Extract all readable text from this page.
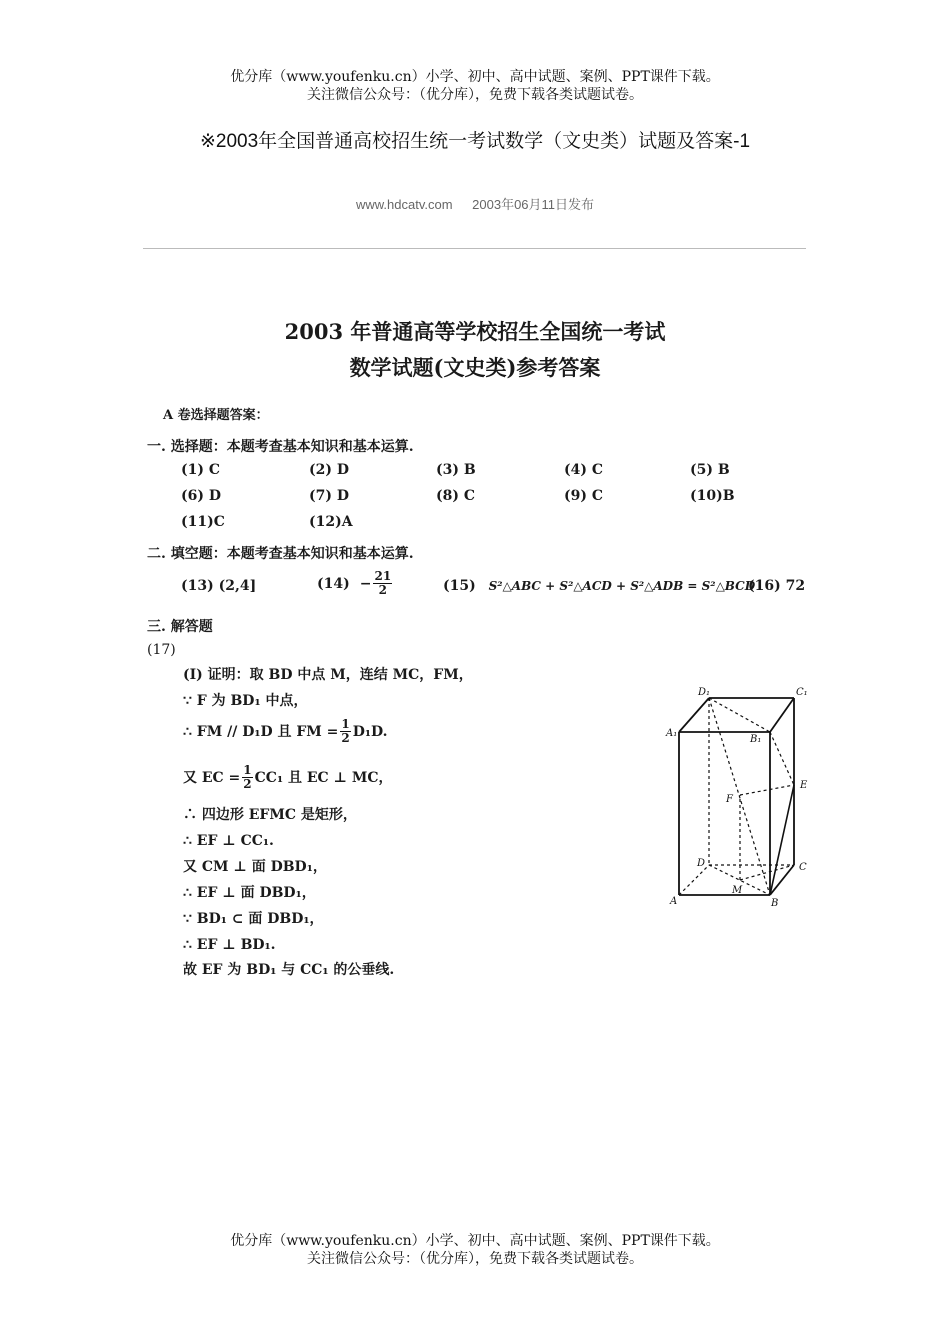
优分库（www.youfenku.cn）小学、初中、高中试题、案例、PPT课件下载。
关注微信公众号：（优分库），免费下载各类试题试卷。
※2003年全国普通高校招生统一考试数学（文史类）试题及答案-1
www.hdcatv.com 2003年06月11日发布
2003 年普通高等学校招生全国统一考试
数学试题(文史类)参考答案
A 卷选择题答案：
一. 选择题：本题考查基本知识和基本运算.
(1) C	(2) D	(3) B	(4) C	(5) B
(6) D	(7) D	(8) C	(9) C	(10)B
(11)C	(12)A
二. 填空题：本题考查基本知识和基本运算.
(13) (2,4]	$(14) - \frac{21}{2}$	(15) S²△ABC + S²△ACD + S²△ADB = S²△BCD
(16) 72
三. 解答题
(17)
(Ⅰ) 证明：取 BD 中点 M，连结 MC，FM，
∵ F 为 BD₁ 中点，
∴ FM // D₁D 且 FM = $\frac{1}{2} D_1D$.
又 EC = $\frac{1}{2} CC_1$ 且 EC ⊥ MC，
∴ 四边形 EFMC 是矩形，
∴ EF ⊥ CC₁.
又 CM ⊥ 面 DBD₁，
∴ EF ⊥ 面 DBD₁，
∵ BD₁ ⊂ 面 DBD₁，
∴ EF ⊥ BD₁.
故 EF 为 BD₁ 与 CC₁ 的公垂线.
D₁	C₁
A₁
B₁
E
F
D	C
M
A	B
优分库（www.youfenku.cn）小学、初中、高中试题、案例、PPT课件下载。
关注微信公众号：（优分库），免费下载各类试题试卷。
